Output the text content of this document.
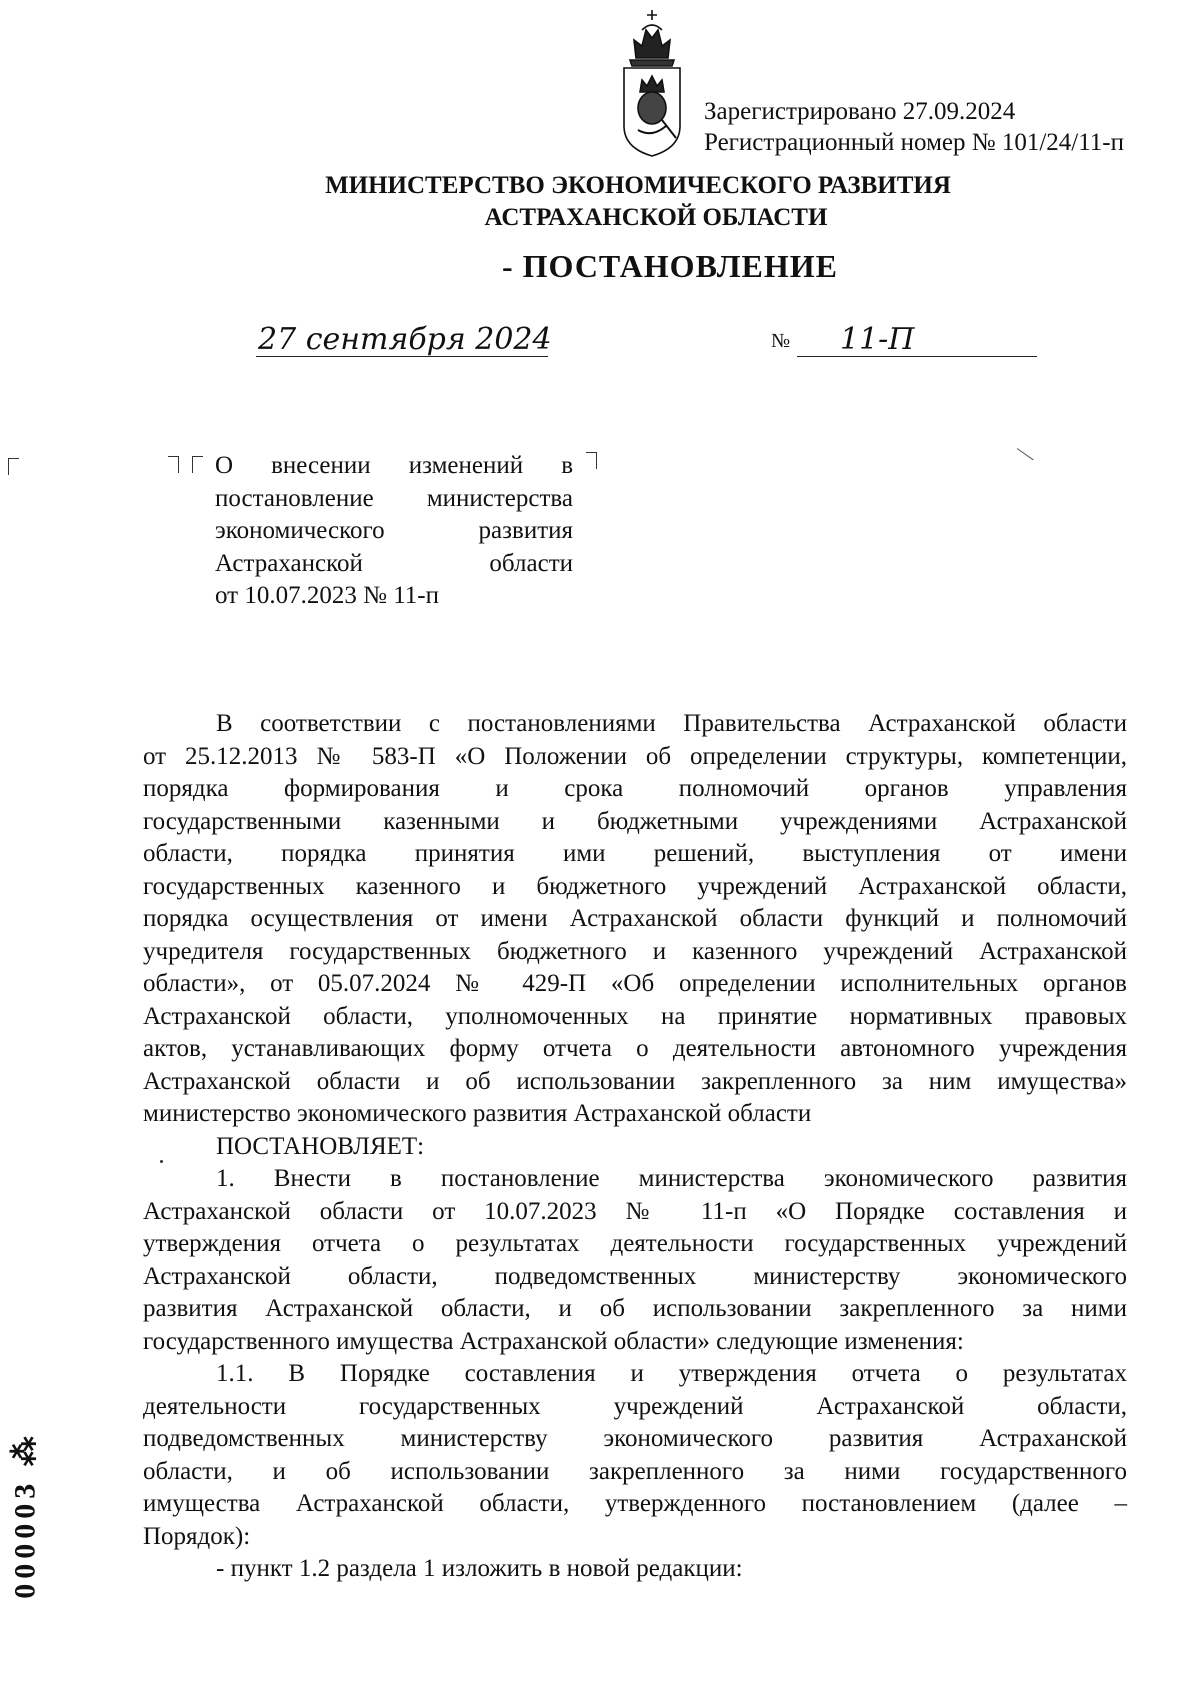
Зарегистрировано 27.09.2024
Регистрационный номер № 101/24/11-п
МИНИСТЕРСТВО ЭКОНОМИЧЕСКОГО РАЗВИТИЯ
АСТРАХАНСКОЙ ОБЛАСТИ
- ПОСТАНОВЛЕНИЕ
27 сентября 2024	№ 11-П
О внесении изменений в
постановление министерства
экономического развития
Астраханской области
от 10.07.2023 № 11-п
В соответствии с постановлениями Правительства Астраханской области
от 25.12.2013 № 583-П «О Положении об определении структуры, компетенции,
порядка формирования и срока полномочий органов управления
государственными казенными и бюджетными учреждениями Астраханской
области, порядка принятия ими решений, выступления от имени
государственных казенного и бюджетного учреждений Астраханской области,
порядка осуществления от имени Астраханской области функций и полномочий
учредителя государственных бюджетного и казенного учреждений Астраханской
области», от 05.07.2024 № 429-П «Об определении исполнительных органов
Астраханской области, уполномоченных на принятие нормативных правовых
актов, устанавливающих форму отчета о деятельности автономного учреждения
Астраханской области и об использовании закрепленного за ним имущества»
министерство экономического развития Астраханской области
ПОСТАНОВЛЯЕТ:
1. Внести в постановление министерства экономического развития
Астраханской области от 10.07.2023 № 11-п «О Порядке составления и
утверждения отчета о результатах деятельности государственных учреждений
Астраханской области, подведомственных министерству экономического
развития Астраханской области, и об использовании закрепленного за ними
государственного имущества Астраханской области» следующие изменения:
1.1. В Порядке составления и утверждения отчета о результатах
деятельности государственных учреждений Астраханской области,
подведомственных министерству экономического развития Астраханской
области, и об использовании закрепленного за ними государственного
имущества Астраханской области, утвержденного постановлением (далее –
Порядок):
- пункт 1.2 раздела 1 изложить в новой редакции:
000003 ⁂
